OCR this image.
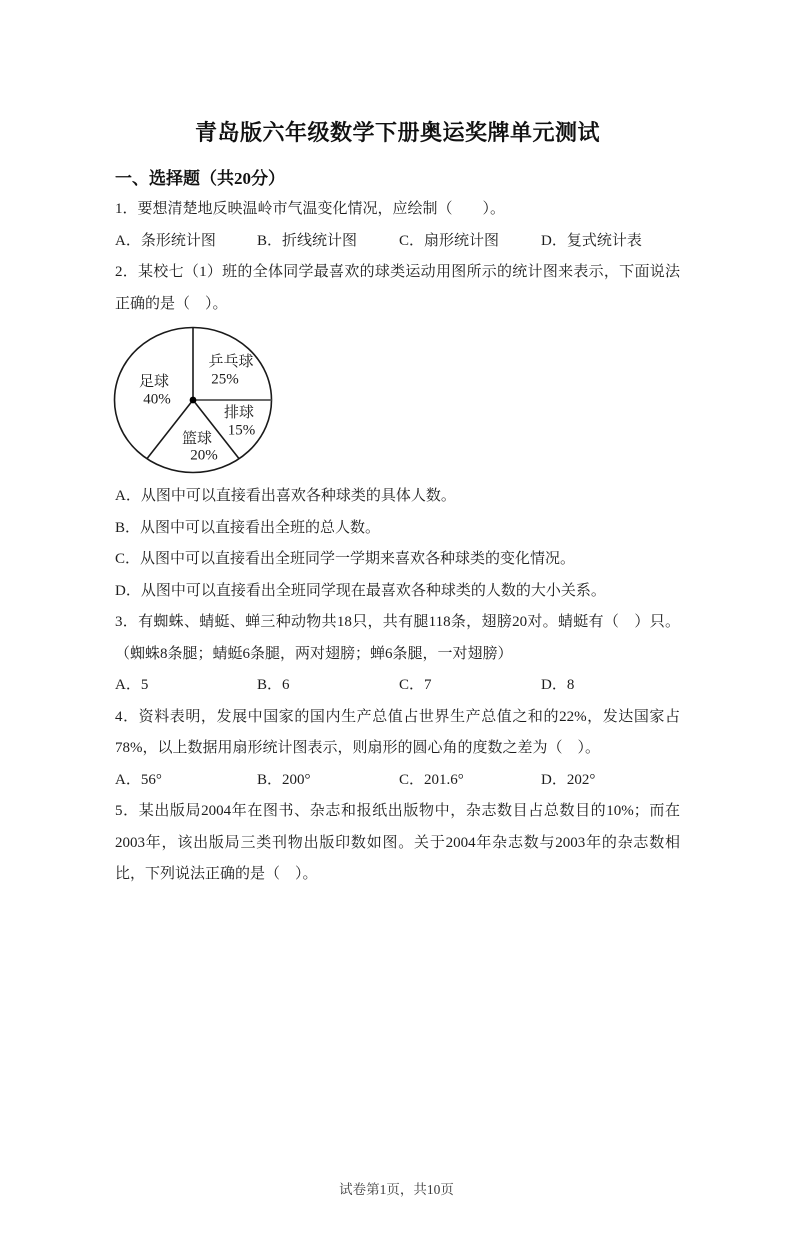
青岛版六年级数学下册奥运奖牌单元测试
一、选择题（共20分）

1．要想清楚地反映温岭市气温变化情况，应绘制（　　）。

A．条形统计图	B．折线统计图	C．扇形统计图	D．复式统计表

2．某校七（1）班的全体同学最喜欢的球类运动用图所示的统计图来表示，下面说法正确的是（　）。

乒乓球
25%
足球
40%
排球
15%
篮球
20%

A．从图中可以直接看出喜欢各种球类的具体人数。

B．从图中可以直接看出全班的总人数。

C．从图中可以直接看出全班同学一学期来喜欢各种球类的变化情况。

D．从图中可以直接看出全班同学现在最喜欢各种球类的人数的大小关系。

3．有蜘蛛、蜻蜓、蝉三种动物共18只，共有腿118条，翅膀20对。蜻蜓有（　）只。（蜘蛛8条腿；蜻蜓6条腿，两对翅膀；蝉6条腿，一对翅膀）

A．5	B．6	C．7	D．8

4．资料表明，发展中国家的国内生产总值占世界生产总值之和的22%，发达国家占78%，以上数据用扇形统计图表示，则扇形的圆心角的度数之差为（　）。

A．56°	B．200°	C．201.6°	D．202°

5．某出版局2004年在图书、杂志和报纸出版物中，杂志数目占总数目的10%；而在2003年，该出版局三类刊物出版印数如图。关于2004年杂志数与2003年的杂志数相比，下列说法正确的是（　）。

试卷第1页，共10页
